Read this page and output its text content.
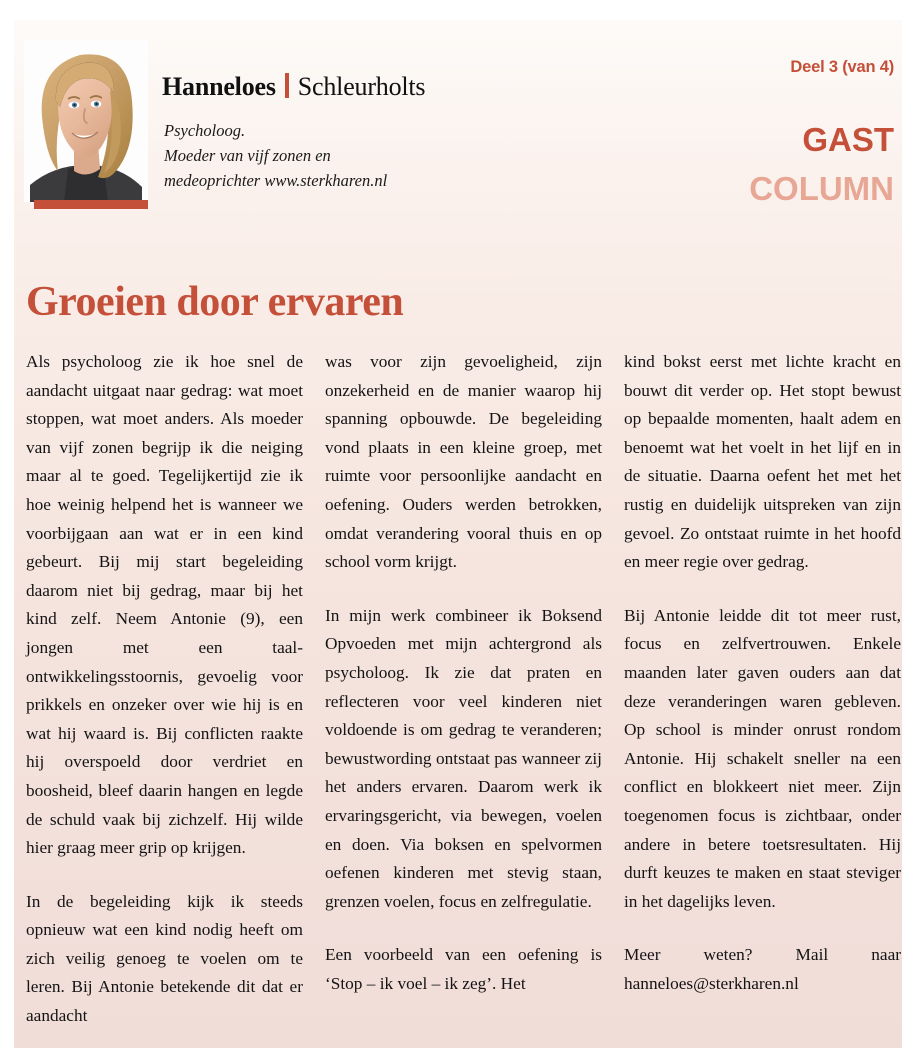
Hanneloes Schleurholts
Psycholoog.
Moeder van vijf zonen en
medeoprichter www.sterkharen.nl
Deel 3 (van 4)
GAST
COLUMN
Groeien door ervaren

Als psycholoog zie ik hoe snel de aandacht uitgaat naar gedrag: wat moet stoppen, wat moet anders. Als moeder van vijf zonen begrijp ik die neiging maar al te goed. Tegelijkertijd zie ik hoe weinig helpend het is wanneer we voorbijgaan aan wat er in een kind gebeurt. Bij mij start begeleiding daarom niet bij gedrag, maar bij het kind zelf. Neem Antonie (9), een jongen met een taalontwikkelingsstoornis, gevoelig voor prikkels en onzeker over wie hij is en wat hij waard is. Bij conflicten raakte hij overspoeld door verdriet en boosheid, bleef daarin hangen en legde de schuld vaak bij zichzelf. Hij wilde hier graag meer grip op krijgen.

In de begeleiding kijk ik steeds opnieuw wat een kind nodig heeft om zich veilig genoeg te voelen om te leren. Bij Antonie betekende dit dat er aandacht

was voor zijn gevoeligheid, zijn onzekerheid en de manier waarop hij spanning opbouwde. De begeleiding vond plaats in een kleine groep, met ruimte voor persoonlijke aandacht en oefening. Ouders werden betrokken, omdat verandering vooral thuis en op school vorm krijgt.

In mijn werk combineer ik Boksend Opvoeden met mijn achtergrond als psycholoog. Ik zie dat praten en reflecteren voor veel kinderen niet voldoende is om gedrag te veranderen; bewustwording ontstaat pas wanneer zij het anders ervaren. Daarom werk ik ervaringsgericht, via bewegen, voelen en doen. Via boksen en spelvormen oefenen kinderen met stevig staan, grenzen voelen, focus en zelfregulatie.

Een voorbeeld van een oefening is ‘Stop – ik voel – ik zeg’. Het

kind bokst eerst met lichte kracht en bouwt dit verder op. Het stopt bewust op bepaalde momenten, haalt adem en benoemt wat het voelt in het lijf en in de situatie. Daarna oefent het met het rustig en duidelijk uitspreken van zijn gevoel. Zo ontstaat ruimte in het hoofd en meer regie over gedrag.

Bij Antonie leidde dit tot meer rust, focus en zelfvertrouwen. Enkele maanden later gaven ouders aan dat deze veranderingen waren gebleven. Op school is minder onrust rondom Antonie. Hij schakelt sneller na een conflict en blokkeert niet meer. Zijn toegenomen focus is zichtbaar, onder andere in betere toetsresultaten. Hij durft keuzes te maken en staat steviger in het dagelijks leven.

Meer weten? Mail naar hanneloes@sterkharen.nl
